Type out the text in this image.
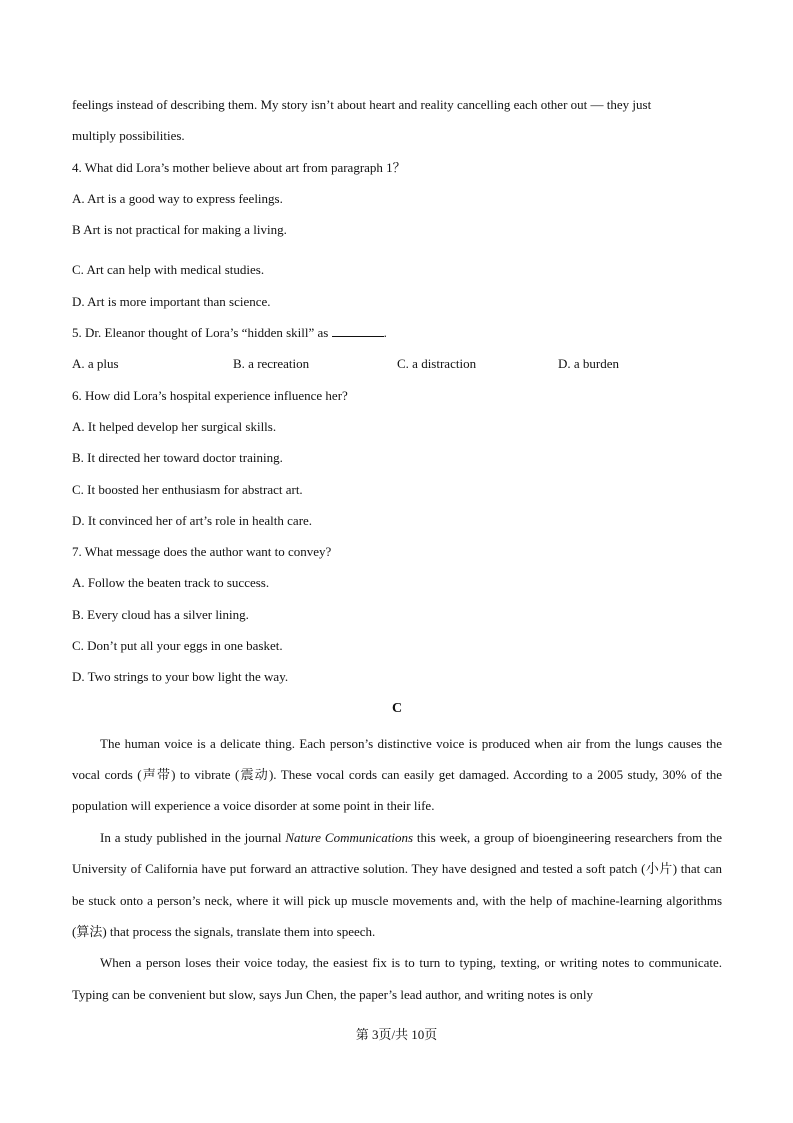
feelings instead of describing them. My story isn’t about heart and reality cancelling each other out — they just
multiply possibilities.
4. What did Lora’s mother believe about art from paragraph 1？
A. Art is a good way to express feelings.
B Art is not practical for making a living.
C. Art can help with medical studies.
D. Art is more important than science.
5. Dr. Eleanor thought of Lora’s “hidden skill” as	.
A. a plus	B. a recreation	C. a distraction	D. a burden
6. How did Lora’s hospital experience influence her?
A. It helped develop her surgical skills.
B. It directed her toward doctor training.
C. It boosted her enthusiasm for abstract art.
D. It convinced her of art’s role in health care.
7. What message does the author want to convey?
A. Follow the beaten track to success.
B. Every cloud has a silver lining.
C. Don’t put all your eggs in one basket.
D. Two strings to your bow light the way.
C

The human voice is a delicate thing. Each person’s distinctive voice is produced when air from the lungs causes the vocal cords (声带) to vibrate (震动). These vocal cords can easily get damaged. According to a 2005 study, 30% of the population will experience a voice disorder at some point in their life.

In a study published in the journal Nature Communications this week, a group of bioengineering researchers from the University of California have put forward an attractive solution. They have designed and tested a soft patch (小片) that can be stuck onto a person’s neck, where it will pick up muscle movements and, with the help of machine-learning algorithms (算法) that process the signals, translate them into speech.

When a person loses their voice today, the easiest fix is to turn to typing, texting, or writing notes to communicate. Typing can be convenient but slow, says Jun Chen, the paper’s lead author, and writing notes is only

第 3页/共 10页
